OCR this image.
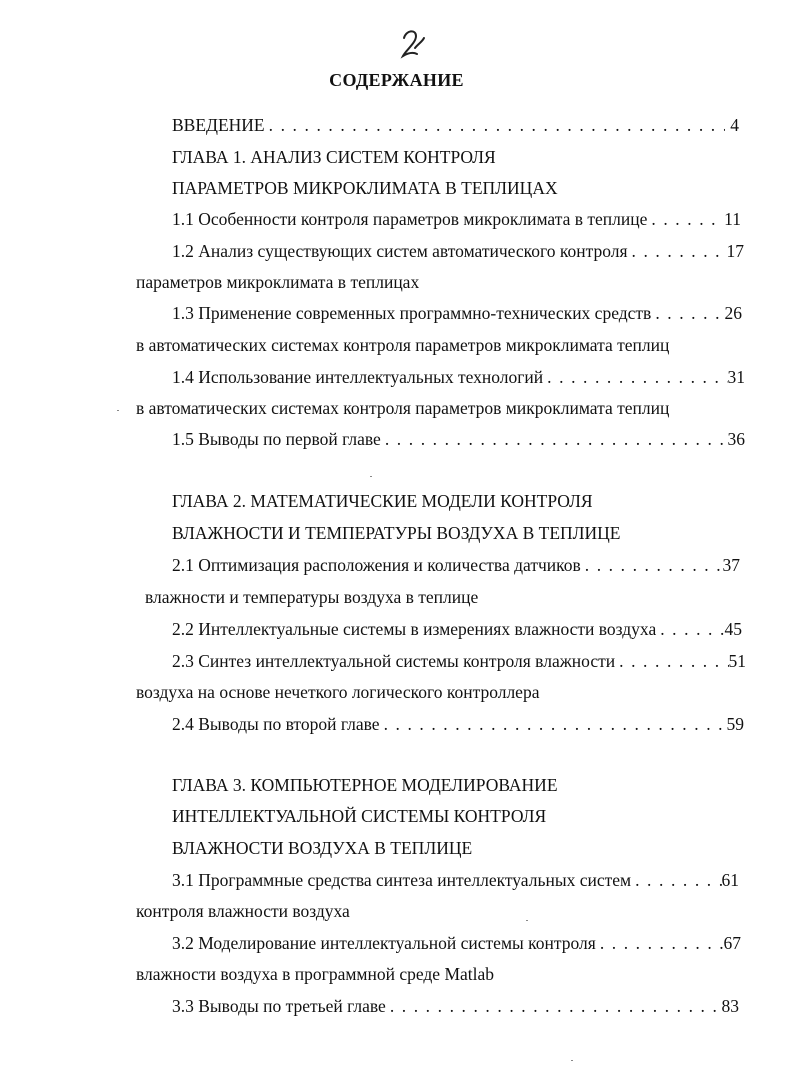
СОДЕРЖАНИЕ
ВВЕДЕНИЕ . . .	4
ГЛАВА 1. АНАЛИЗ СИСТЕМ КОНТРОЛЯ
ПАРАМЕТРОВ МИКРОКЛИМАТА В ТЕПЛИЦАХ
1.1 Особенности контроля параметров микроклимата в теплице . . .	11
1.2 Анализ существующих систем автоматического контроля . . .	17
параметров микроклимата в теплицах
1.3 Применение современных программно-технических средств . . .	26
в автоматических системах контроля параметров микроклимата теплиц
1.4 Использование интеллектуальных технологий . . .	31
в автоматических системах контроля параметров микроклимата теплиц
1.5 Выводы по первой главе . . .	36
ГЛАВА 2. МАТЕМАТИЧЕСКИЕ МОДЕЛИ КОНТРОЛЯ
ВЛАЖНОСТИ И ТЕМПЕРАТУРЫ ВОЗДУХА В ТЕПЛИЦЕ
2.1 Оптимизация расположения и количества датчиков . . .	37
влажности и температуры воздуха в теплице
2.2 Интеллектуальные системы в измерениях влажности воздуха . . .	45
2.3 Синтез интеллектуальной системы контроля влажности . . .	51
воздуха на основе нечеткого логического контроллера
2.4 Выводы по второй главе . . .	59
ГЛАВА 3. КОМПЬЮТЕРНОЕ МОДЕЛИРОВАНИЕ
ИНТЕЛЛЕКТУАЛЬНОЙ СИСТЕМЫ КОНТРОЛЯ
ВЛАЖНОСТИ ВОЗДУХА В ТЕПЛИЦЕ
3.1 Программные средства синтеза интеллектуальных систем . . .	61
контроля влажности воздуха
3.2 Моделирование интеллектуальной системы контроля . . .	67
влажности воздуха в программной среде Matlab
3.3 Выводы по третьей главе . . .	83
